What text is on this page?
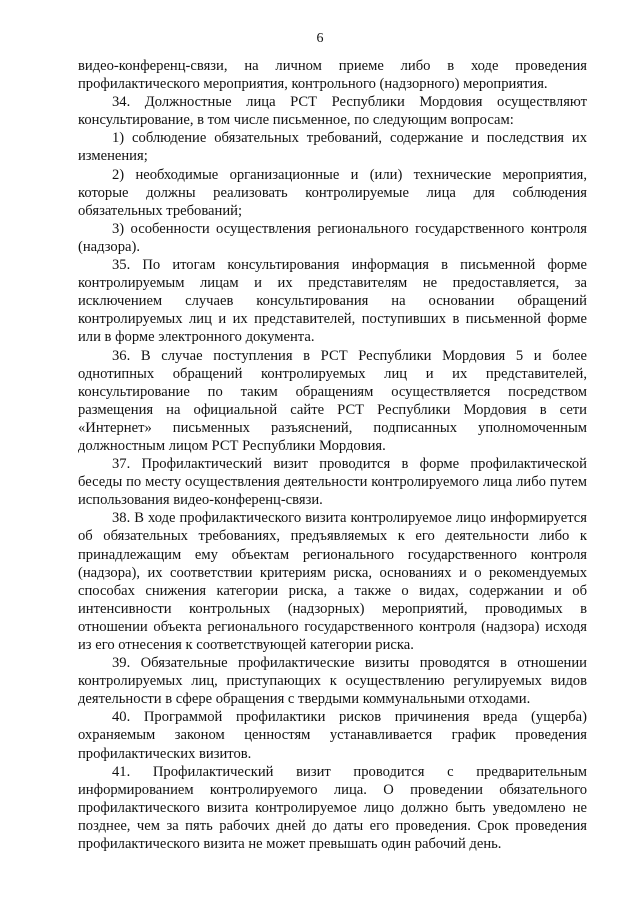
6

видео-конференц-связи, на личном приеме либо в ходе проведения профилактического мероприятия, контрольного (надзорного) мероприятия.

34. Должностные лица РСТ Республики Мордовия осуществляют консультирование, в том числе письменное, по следующим вопросам:

1) соблюдение обязательных требований, содержание и последствия их изменения;

2) необходимые организационные и (или) технические мероприятия, которые должны реализовать контролируемые лица для соблюдения обязательных требований;

3) особенности осуществления регионального государственного контроля (надзора).

35. По итогам консультирования информация в письменной форме контролируемым лицам и их представителям не предоставляется, за исключением случаев консультирования на основании обращений контролируемых лиц и их представителей, поступивших в письменной форме или в форме электронного документа.

36. В случае поступления в РСТ Республики Мордовия 5 и более однотипных обращений контролируемых лиц и их представителей, консультирование по таким обращениям осуществляется посредством размещения на официальной сайте РСТ Республики Мордовия в сети «Интернет» письменных разъяснений, подписанных уполномоченным должностным лицом РСТ Республики Мордовия.

37. Профилактический визит проводится в форме профилактической беседы по месту осуществления деятельности контролируемого лица либо путем использования видео-конференц-связи.

38. В ходе профилактического визита контролируемое лицо информируется об обязательных требованиях, предъявляемых к его деятельности либо к принадлежащим ему объектам регионального государственного контроля (надзора), их соответствии критериям риска, основаниях и о рекомендуемых способах снижения категории риска, а также о видах, содержании и об интенсивности контрольных (надзорных) мероприятий, проводимых в отношении объекта регионального государственного контроля (надзора) исходя из его отнесения к соответствующей категории риска.

39. Обязательные профилактические визиты проводятся в отношении контролируемых лиц, приступающих к осуществлению регулируемых видов деятельности в сфере обращения с твердыми коммунальными отходами.

40. Программой профилактики рисков причинения вреда (ущерба) охраняемым законом ценностям устанавливается график проведения профилактических визитов.

41. Профилактический визит проводится с предварительным информированием контролируемого лица. О проведении обязательного профилактического визита контролируемое лицо должно быть уведомлено не позднее, чем за пять рабочих дней до даты его проведения. Срок проведения профилактического визита не может превышать один рабочий день.
